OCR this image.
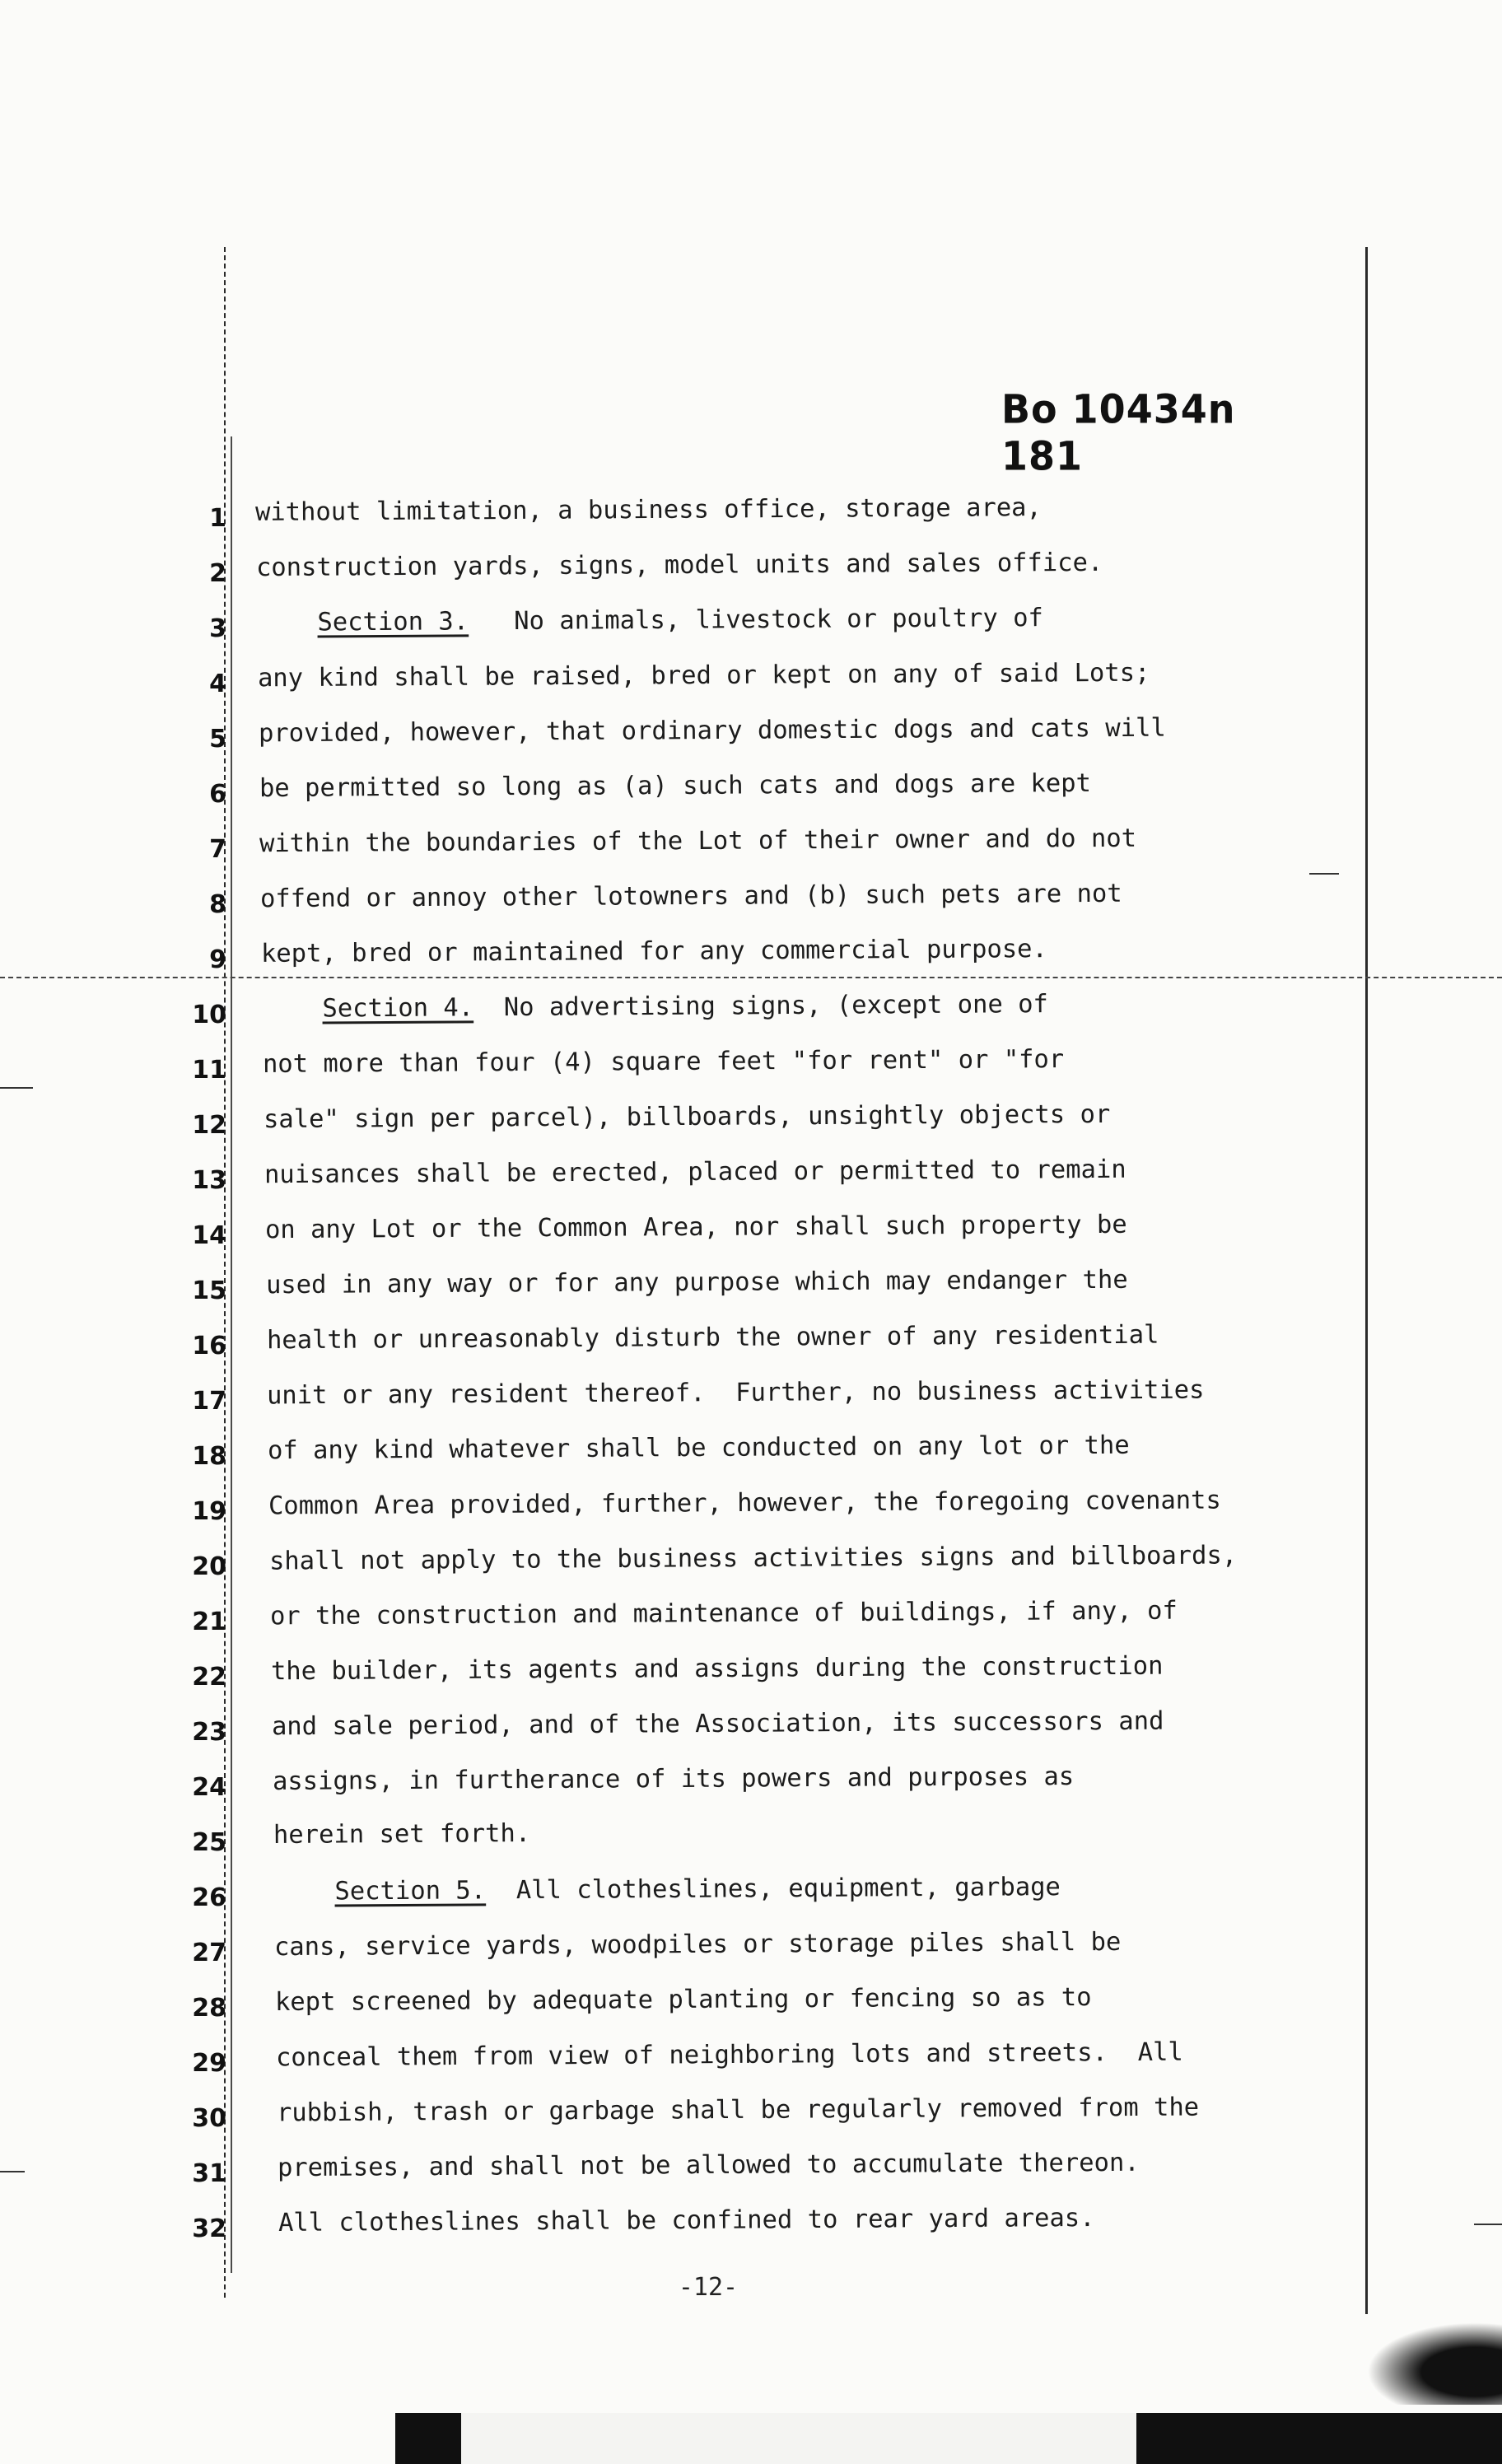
Bo 10434n 181
1
2
3
4
5
6
7
8
9
10
11
12
13
14
15
16
17
18
19
20
21
22
23
24
25
26
27
28
29
30
31
32
without limitation, a business office, storage area,
construction yards, signs, model units and sales office.
Section 3.   No animals, livestock or poultry of
any kind shall be raised, bred or kept on any of said Lots;
provided, however, that ordinary domestic dogs and cats will
be permitted so long as (a) such cats and dogs are kept
within the boundaries of the Lot of their owner and do not
offend or annoy other lotowners and (b) such pets are not
kept, bred or maintained for any commercial purpose.
Section 4.  No advertising signs, (except one of
not more than four (4) square feet "for rent" or "for
sale" sign per parcel), billboards, unsightly objects or
nuisances shall be erected, placed or permitted to remain
on any Lot or the Common Area, nor shall such property be
used in any way or for any purpose which may endanger the
health or unreasonably disturb the owner of any residential
unit or any resident thereof.  Further, no business activities
of any kind whatever shall be conducted on any lot or the
Common Area provided, further, however, the foregoing covenants
shall not apply to the business activities signs and billboards,
or the construction and maintenance of buildings, if any, of
the builder, its agents and assigns during the construction
and sale period, and of the Association, its successors and
assigns, in furtherance of its powers and purposes as
herein set forth.
Section 5.  All clotheslines, equipment, garbage
cans, service yards, woodpiles or storage piles shall be
kept screened by adequate planting or fencing so as to
conceal them from view of neighboring lots and streets.  All
rubbish, trash or garbage shall be regularly removed from the
premises, and shall not be allowed to accumulate thereon.
All clotheslines shall be confined to rear yard areas.
-12-
